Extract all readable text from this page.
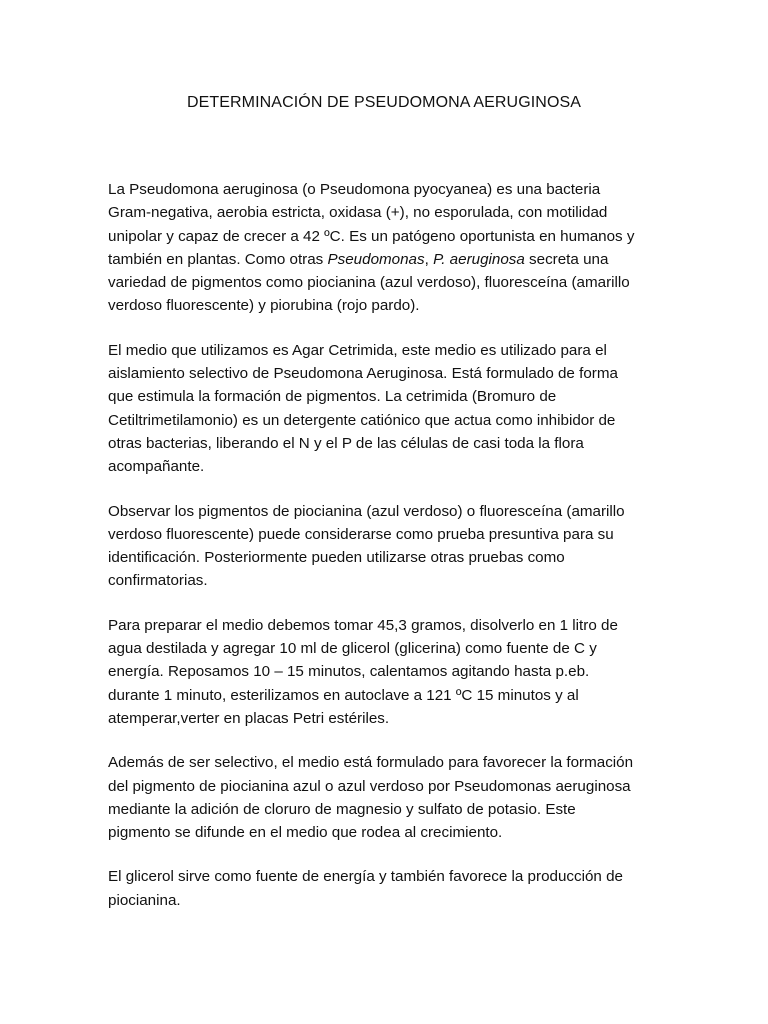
DETERMINACIÓN DE PSEUDOMONA AERUGINOSA

La Pseudomona aeruginosa (o Pseudomona pyocyanea) es una bacteria Gram-negativa, aerobia estricta, oxidasa (+), no esporulada, con motilidad unipolar y capaz de crecer a 42 ºC. Es un patógeno oportunista en humanos y también en plantas. Como otras Pseudomonas, P. aeruginosa secreta una variedad de pigmentos como piocianina (azul verdoso), fluoresceína (amarillo verdoso fluorescente) y piorubina (rojo pardo).

El medio que utilizamos es Agar Cetrimida, este medio es utilizado para el aislamiento selectivo de Pseudomona Aeruginosa. Está formulado de forma que estimula la formación de pigmentos. La cetrimida (Bromuro de Cetiltrimetilamonio) es un detergente catiónico que actua como inhibidor de otras bacterias, liberando el N y el P de las células de casi toda la flora acompañante.

Observar los pigmentos de piocianina (azul verdoso) o fluoresceína (amarillo verdoso fluorescente) puede considerarse como prueba presuntiva para su identificación. Posteriormente pueden utilizarse otras pruebas como confirmatorias.

Para preparar el medio debemos tomar 45,3 gramos, disolverlo en 1 litro de agua destilada y agregar 10 ml de glicerol (glicerina) como fuente de C y energía. Reposamos 10 – 15 minutos, calentamos agitando hasta p.eb. durante 1 minuto, esterilizamos en autoclave a 121 ºC 15 minutos y al atemperar,verter en placas Petri estériles.

Además de ser selectivo, el medio está formulado para favorecer la formación del pigmento de piocianina azul o azul verdoso por Pseudomonas aeruginosa mediante la adición de cloruro de magnesio y sulfato de potasio. Este pigmento se difunde en el medio que rodea al crecimiento.

El glicerol sirve como fuente de energía y también favorece la producción de piocianina.
